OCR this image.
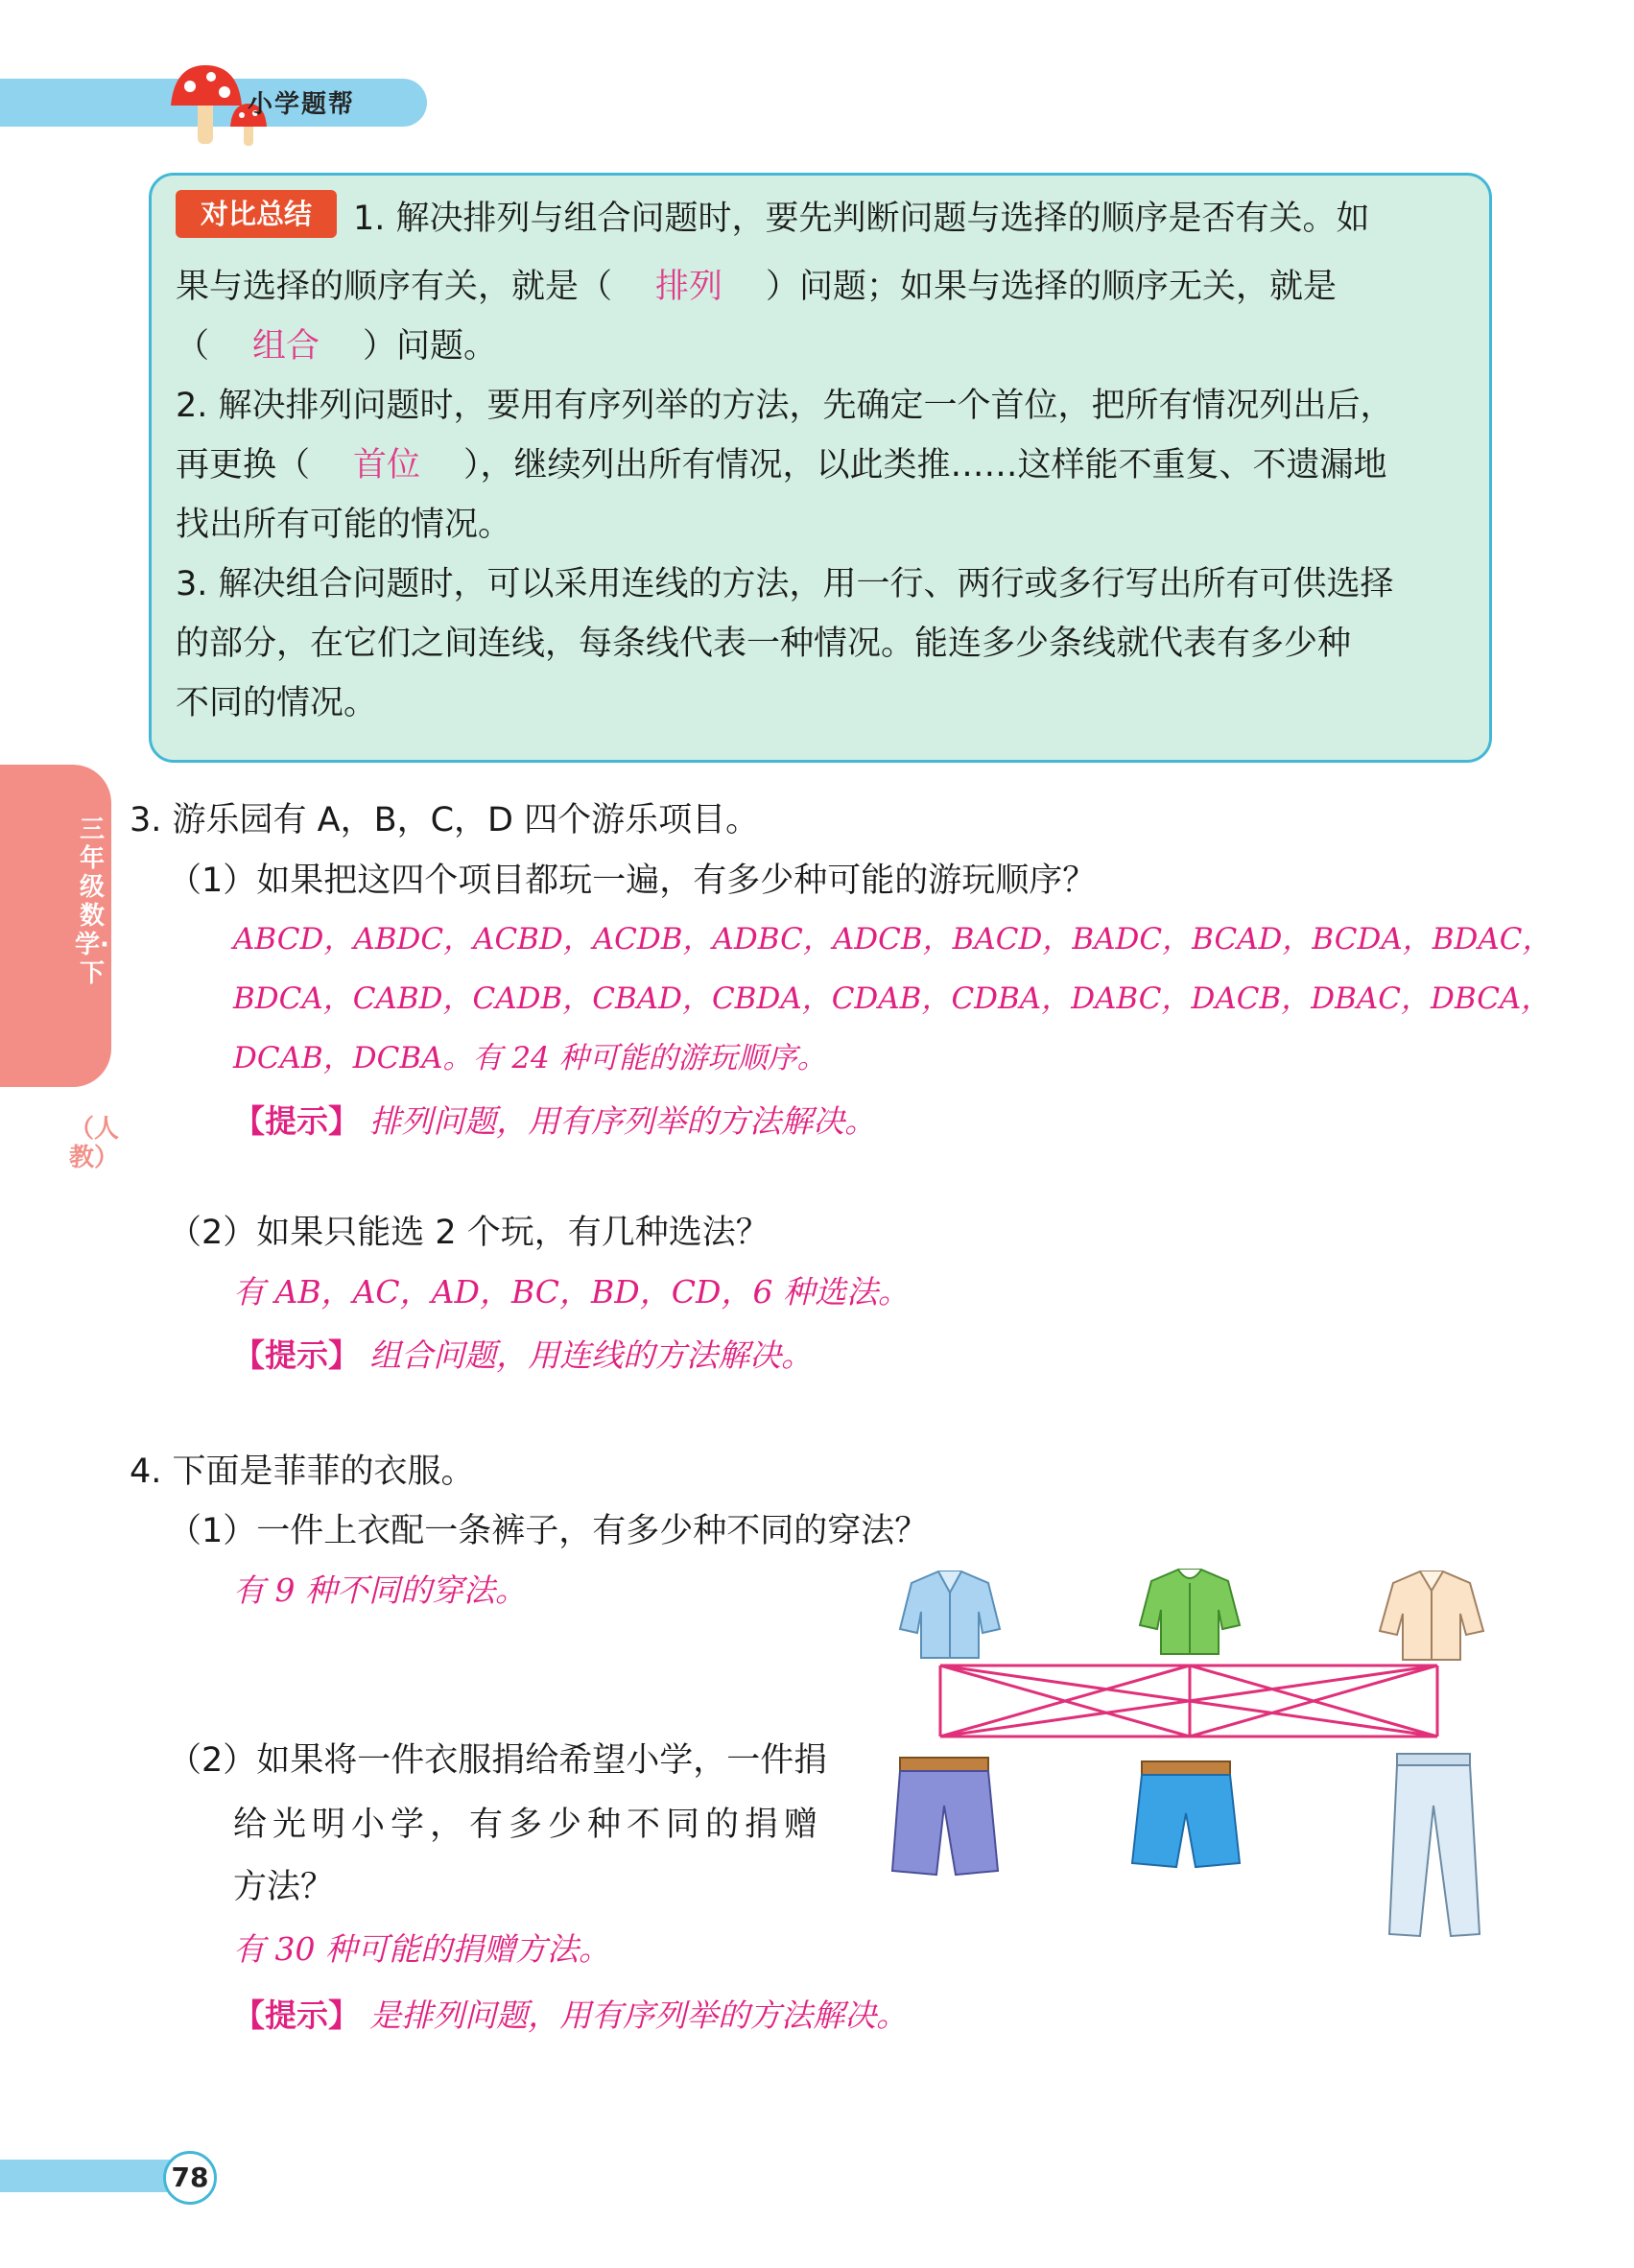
小学题帮
对比总结	1. 解决排列与组合问题时，要先判断问题与选择的顺序是否有关。如
果与选择的顺序有关，就是（ 排列 ）问题；如果与选择的顺序无关，就是
（ 组合 ）问题。
2. 解决排列问题时，要用有序列举的方法，先确定一个首位，把所有情况列出后，
再更换（ 首位 ），继续列出所有情况，以此类推……这样能不重复、不遗漏地
找出所有可能的情况。
3. 解决组合问题时，可以采用连线的方法，用一行、两行或多行写出所有可供选择
的部分，在它们之间连线，每条线代表一种情况。能连多少条线就代表有多少种
不同的情况。
三年级数学·下
（人教）
3. 游乐园有 A，B，C，D 四个游乐项目。
（1）如果把这四个项目都玩一遍，有多少种可能的游玩顺序？
ABCD，ABDC，ACBD，ACDB，ADBC，ADCB，BACD，BADC，BCAD，BCDA，BDAC，
BDCA，CABD，CADB，CBAD，CBDA，CDAB，CDBA，DABC，DACB，DBAC，DBCA，
DCAB，DCBA。有 24 种可能的游玩顺序。
【提示】 排列问题，用有序列举的方法解决。
（2）如果只能选 2 个玩，有几种选法？
有 AB，AC，AD，BC，BD，CD，6 种选法。
【提示】 组合问题，用连线的方法解决。
4. 下面是菲菲的衣服。
（1）一件上衣配一条裤子，有多少种不同的穿法？
有 9 种不同的穿法。
（2）如果将一件衣服捐给希望小学，一件捐
给光明小学，有多少种不同的捐赠
方法？
有 30 种可能的捐赠方法。
【提示】 是排列问题，用有序列举的方法解决。
78
